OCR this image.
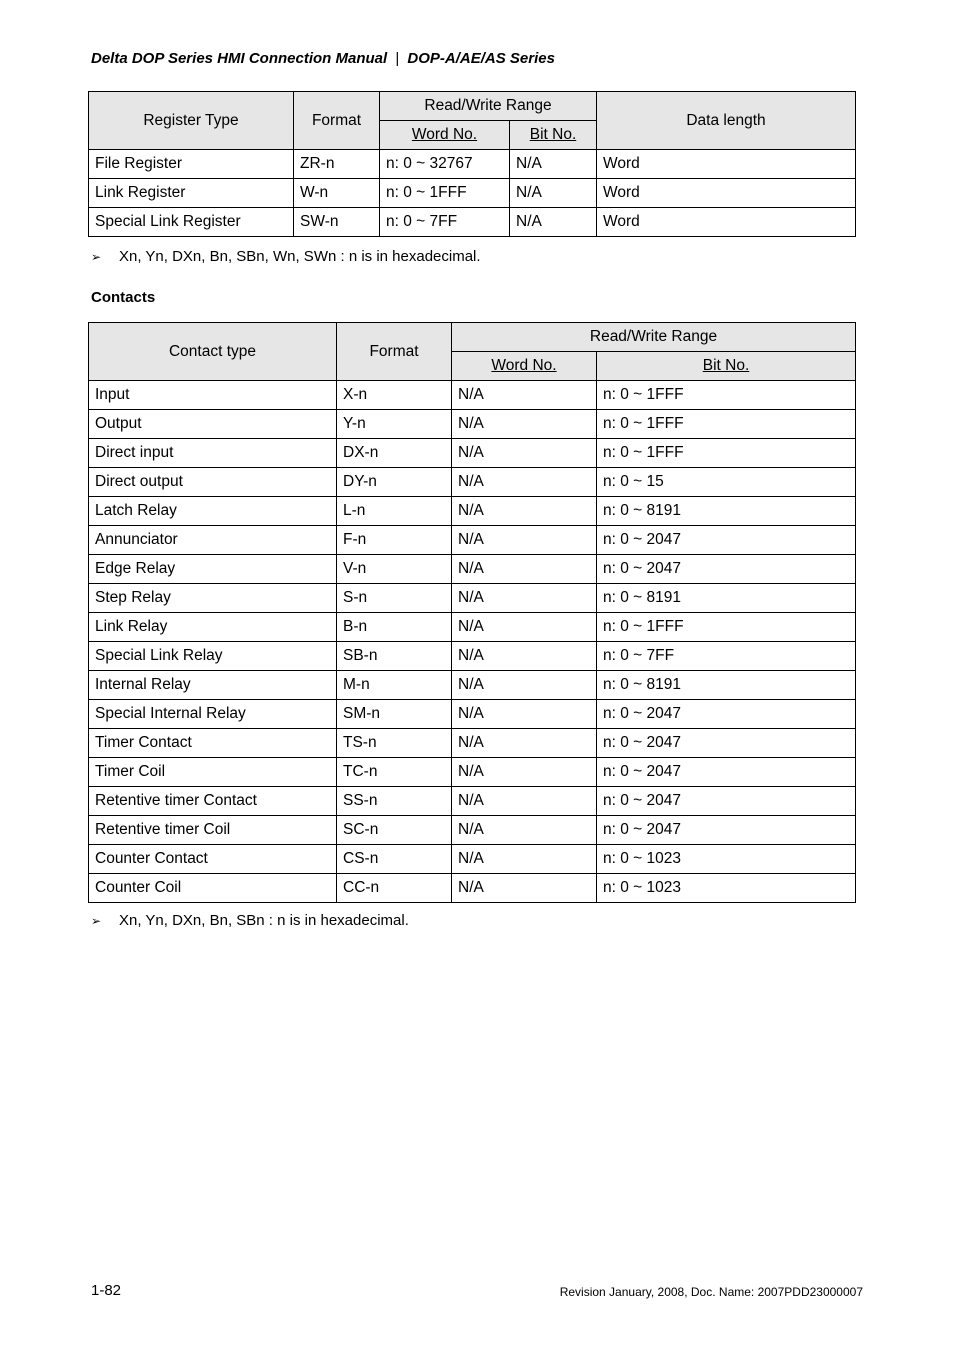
Delta DOP Series HMI Connection Manual | DOP-A/AE/AS Series
Register Type	Format	Read/Write Range		Data length
		Word No.	Bit No.	
File Register	ZR-n	n: 0 ~ 32767	N/A	Word
Link Register	W-n	n: 0 ~ 1FFF	N/A	Word
Special Link Register	SW-n	n: 0 ~ 7FF	N/A	Word
➢ Xn, Yn, DXn, Bn, SBn, Wn, SWn : n is in hexadecimal.
Contacts
Contact type	Format	Read/Write Range	
		Word No.	Bit No.
Input	X-n	N/A	n: 0 ~ 1FFF
Output	Y-n	N/A	n: 0 ~ 1FFF
Direct input	DX-n	N/A	n: 0 ~ 1FFF
Direct output	DY-n	N/A	n: 0 ~ 15
Latch Relay	L-n	N/A	n: 0 ~ 8191
Annunciator	F-n	N/A	n: 0 ~ 2047
Edge Relay	V-n	N/A	n: 0 ~ 2047
Step Relay	S-n	N/A	n: 0 ~ 8191
Link Relay	B-n	N/A	n: 0 ~ 1FFF
Special Link Relay	SB-n	N/A	n: 0 ~ 7FF
Internal Relay	M-n	N/A	n: 0 ~ 8191
Special Internal Relay	SM-n	N/A	n: 0 ~ 2047
Timer Contact	TS-n	N/A	n: 0 ~ 2047
Timer Coil	TC-n	N/A	n: 0 ~ 2047
Retentive timer Contact	SS-n	N/A	n: 0 ~ 2047
Retentive timer Coil	SC-n	N/A	n: 0 ~ 2047
Counter Contact	CS-n	N/A	n: 0 ~ 1023
Counter Coil	CC-n	N/A	n: 0 ~ 1023
➢ Xn, Yn, DXn, Bn, SBn : n is in hexadecimal.
1-82	Revision January, 2008, Doc. Name: 2007PDD23000007
